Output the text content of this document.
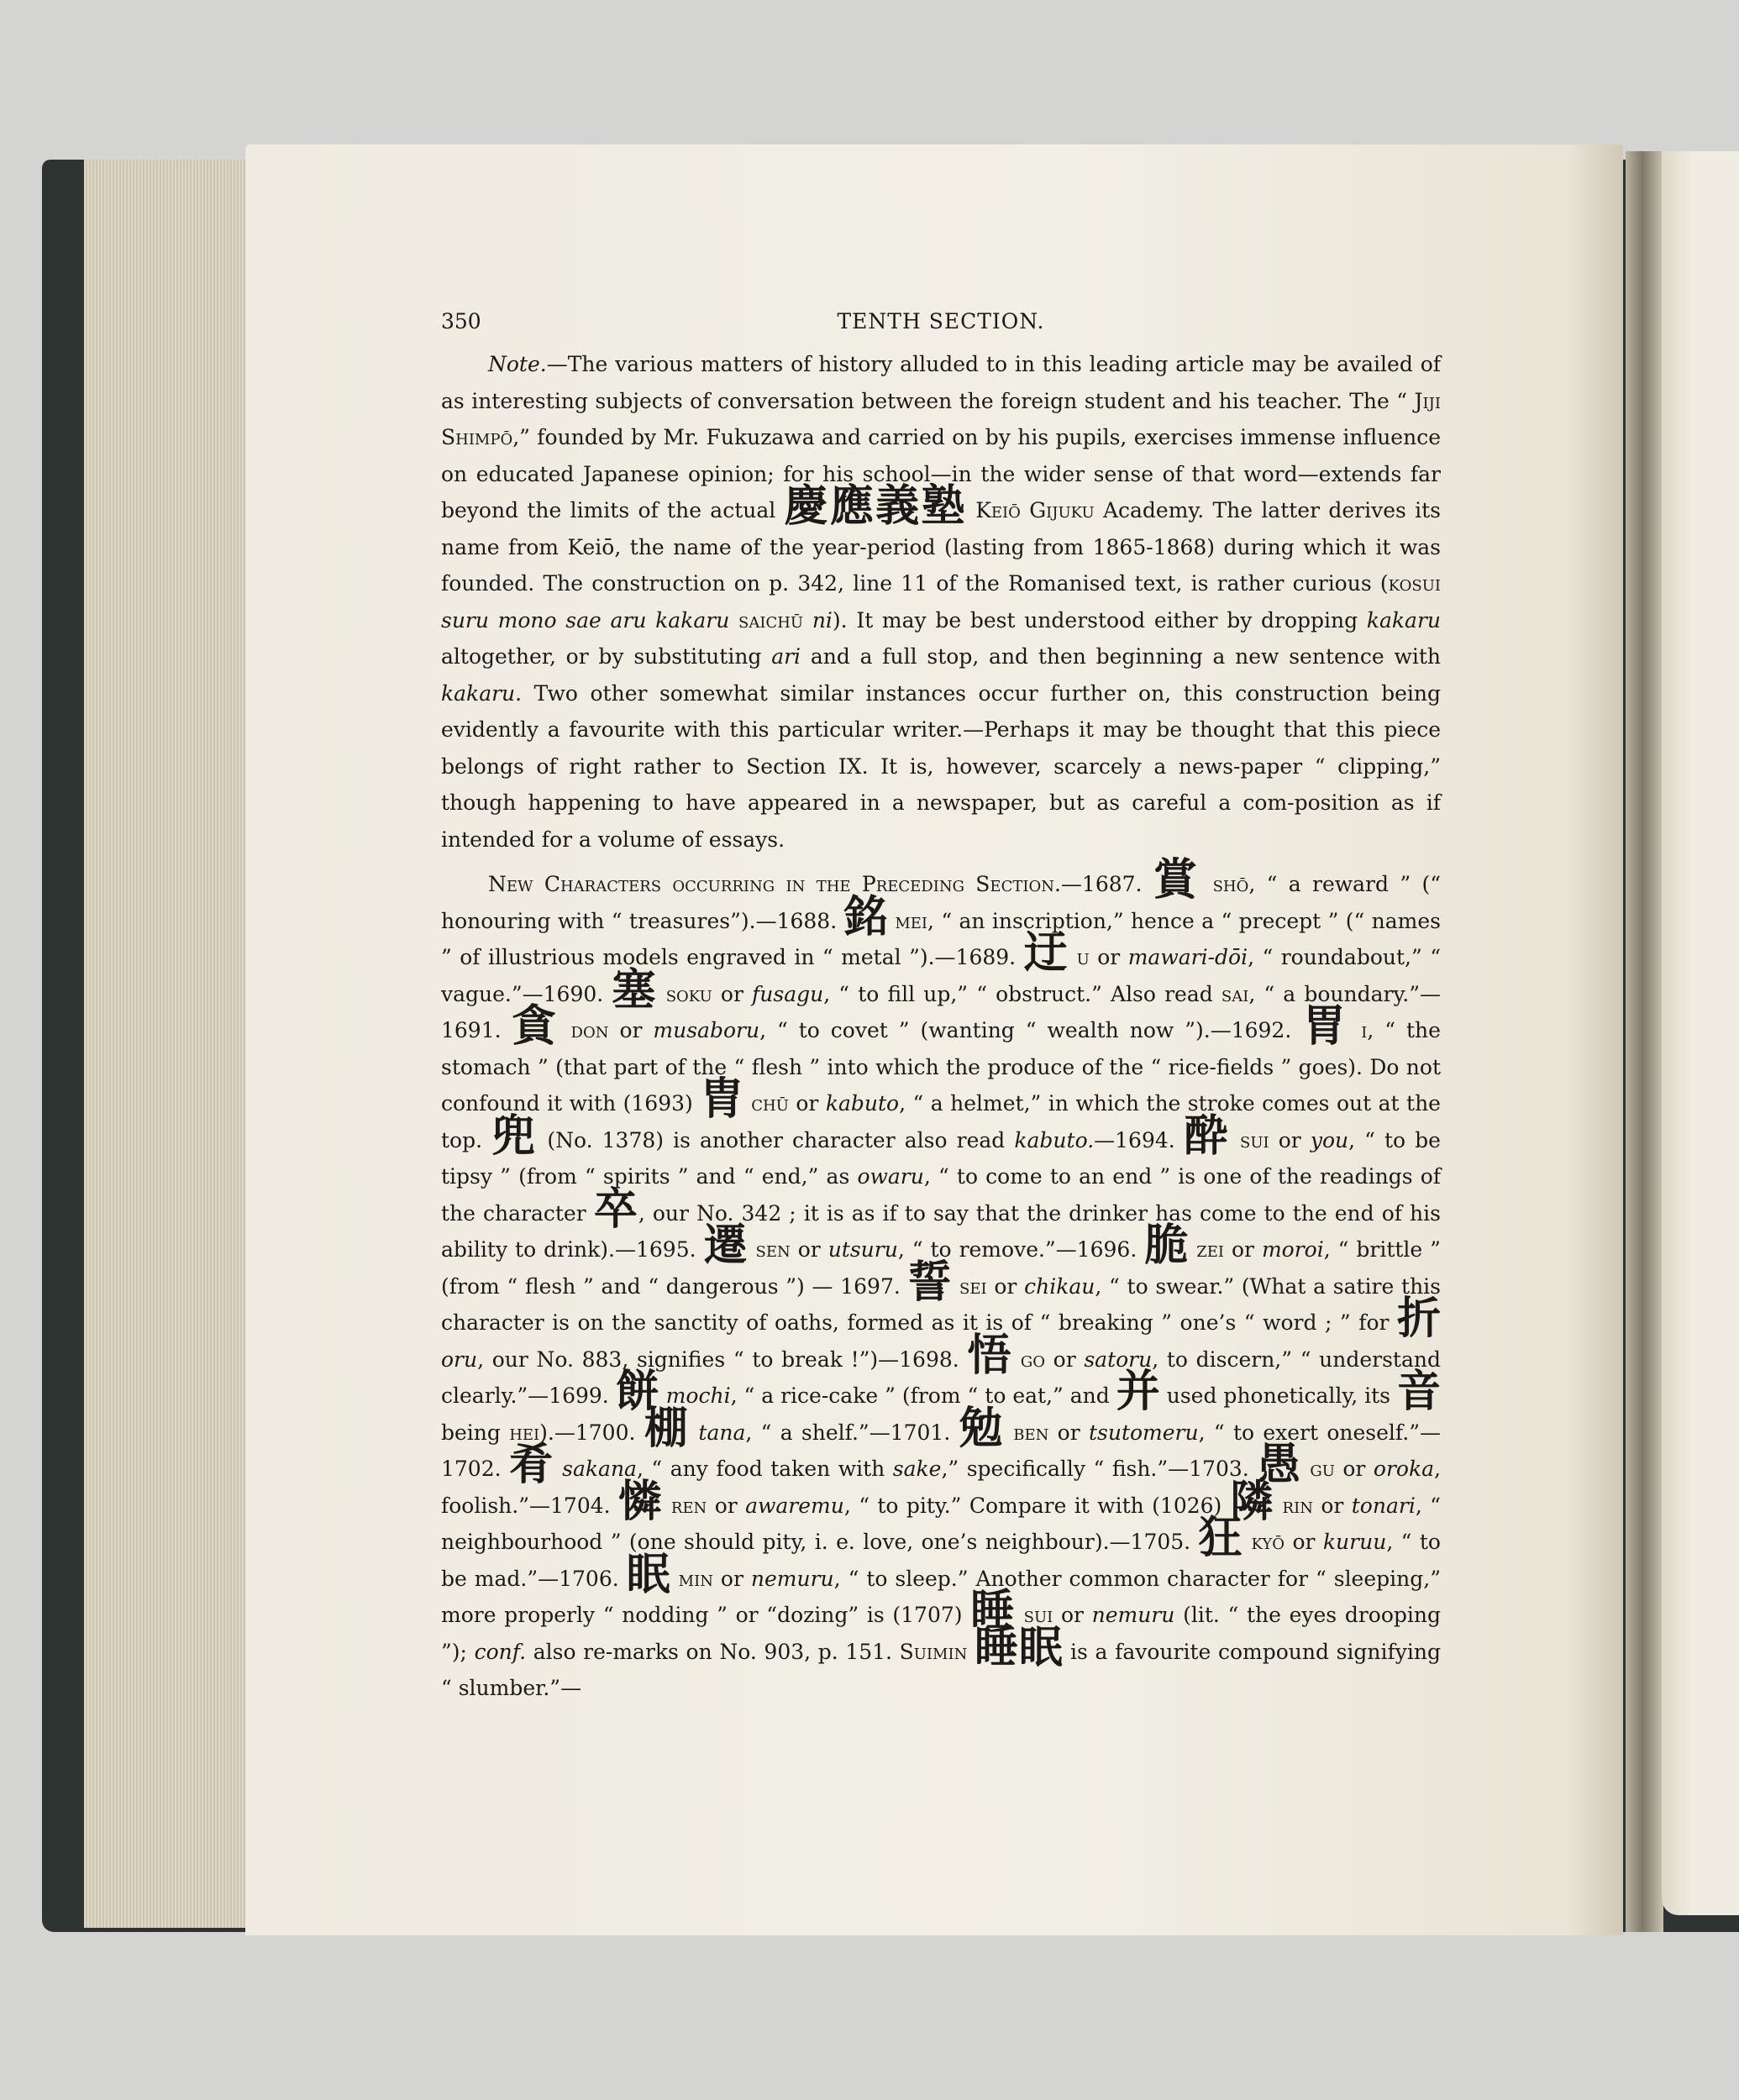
350	TENTH SECTION.

Note.—The various matters of history alluded to in this leading article may be availed of as interesting subjects of conversation between the foreign student and his teacher. The “ Jiji Shimpō,” founded by Mr. Fukuzawa and carried on by his pupils, exercises immense influence on educated Japanese opinion; for his school—in the wider sense of that word—extends far beyond the limits of the actual 慶應義塾 Keiō Gijuku Academy. The latter derives its name from Keiō, the name of the year-period (lasting from 1865-1868) during which it was founded. The construction on p. 342, line 11 of the Romanised text, is rather curious (kosui suru mono sae aru kakaru saichū ni). It may be best understood either by dropping kakaru altogether, or by substituting ari and a full stop, and then beginning a new sentence with kakaru. Two other somewhat similar instances occur further on, this construction being evidently a favourite with this particular writer.—Perhaps it may be thought that this piece belongs of right rather to Section IX. It is, however, scarcely a news-paper “ clipping,” though happening to have appeared in a newspaper, but as careful a com-position as if intended for a volume of essays.

New Characters occurring in the Preceding Section.—1687. 賞 shō, “ a reward ” (“ honouring with “ treasures”).—1688. 銘 mei, “ an inscription,” hence a “ precept ” (“ names ” of illustrious models engraved in “ metal ”).—1689. 迂 u or mawari-dōi, “ roundabout,” “ vague.”—1690. 塞 soku or fusagu, “ to fill up,” “ obstruct.” Also read sai, “ a boundary.”—1691. 貪 don or musaboru, “ to covet ” (wanting “ wealth now ”).—1692. 胃 i, “ the stomach ” (that part of the “ flesh ” into which the produce of the “ rice-fields ” goes). Do not confound it with (1693) 胄 chū or kabuto, “ a helmet,” in which the stroke comes out at the top. 兜 (No. 1378) is another character also read kabuto.—1694. 酔 sui or you, “ to be tipsy ” (from “ spirits ” and “ end,” as owaru, “ to come to an end ” is one of the readings of the character 卒, our No. 342 ; it is as if to say that the drinker has come to the end of his ability to drink).—1695. 遷 sen or utsuru, “ to remove.”—1696. 脆 zei or moroi, “ brittle ” (from “ flesh ” and “ dangerous ”) — 1697. 誓 sei or chikau, “ to swear.” (What a satire this character is on the sanctity of oaths, formed as it is of “ breaking ” one’s “ word ; ” for 折 oru, our No. 883, signifies “ to break !”)—1698. 悟 go or satoru, to discern,” “ understand clearly.”—1699. 餅 mochi, “ a rice-cake ” (from “ to eat,” and 并 used phonetically, its 音 being hei).—1700. 棚 tana, “ a shelf.”—1701. 勉 ben or tsutomeru, “ to exert oneself.”—1702. 肴 sakana, “ any food taken with sake,” specifically “ fish.”—1703. 愚 gu or oroka, foolish.”—1704. 憐 ren or awaremu, “ to pity.” Compare it with (1026) 隣 rin or tonari, “ neighbourhood ” (one should pity, i. e. love, one’s neighbour).—1705. 狂 kyō or kuruu, “ to be mad.”—1706. 眠 min or nemuru, “ to sleep.” Another common character for “ sleeping,” more properly “ nodding ” or “dozing” is (1707) 睡 sui or nemuru (lit. “ the eyes drooping ”); conf. also re-marks on No. 903, p. 151. Suimin 睡眠 is a favourite compound signifying “ slumber.”—
